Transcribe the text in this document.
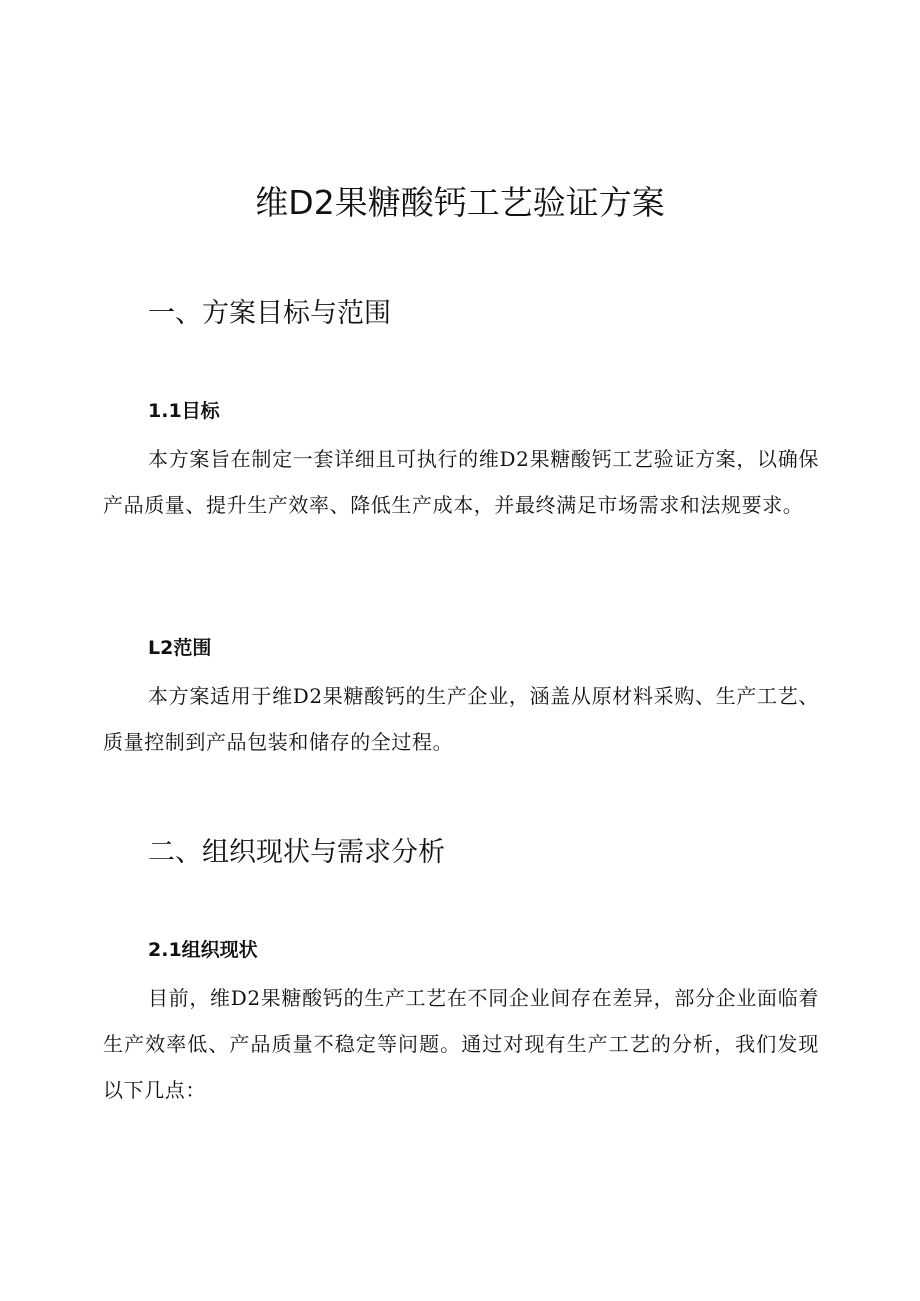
维D2果糖酸钙工艺验证方案
一、方案目标与范围
1.1目标

本方案旨在制定一套详细且可执行的维D2果糖酸钙工艺验证方案，以确保产品质量、提升生产效率、降低生产成本，并最终满足市场需求和法规要求。

L2范围

本方案适用于维D2果糖酸钙的生产企业，涵盖从原材料采购、生产工艺、质量控制到产品包装和储存的全过程。

二、组织现状与需求分析
2.1组织现状

目前，维D2果糖酸钙的生产工艺在不同企业间存在差异，部分企业面临着生产效率低、产品质量不稳定等问题。通过对现有生产工艺的分析，我们发现以下几点：
